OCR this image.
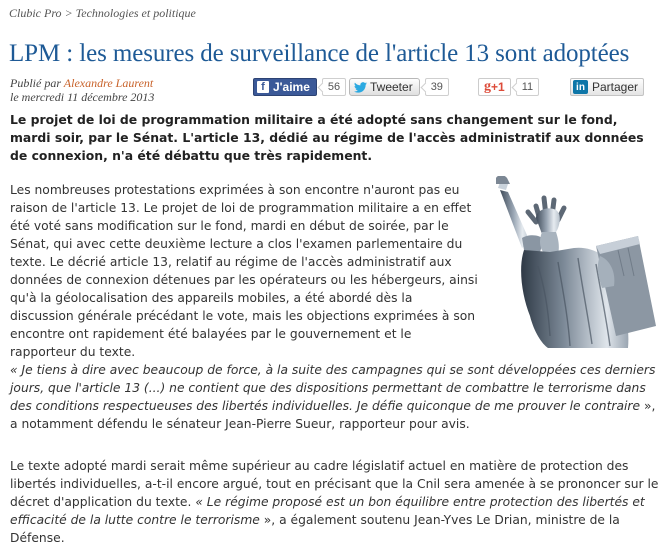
Clubic Pro > Technologies et politique
LPM : les mesures de surveillance de l'article 13 sont adoptées
Publié par Alexandre Laurent
le mercredi 11 décembre 2013
f J'aime	56	Tweeter	39	g +1	11	in Partager

Le projet de loi de programmation militaire a été adopté sans changement sur le fond, mardi soir, par le Sénat. L'article 13, dédié au régime de l'accès administratif aux données de connexion, n'a été débattu que très rapidement.

Les nombreuses protestations exprimées à son encontre n'auront pas eu raison de l'article 13. Le projet de loi de programmation militaire a en effet été voté sans modification sur le fond, mardi en début de soirée, par le Sénat, qui avec cette deuxième lecture a clos l'examen parlementaire du texte. Le décrié article 13, relatif au régime de l'accès administratif aux données de connexion détenues par les opérateurs ou les hébergeurs, ainsi qu'à la géolocalisation des appareils mobiles, a été abordé dès la discussion générale précédant le vote, mais les objections exprimées à son encontre ont rapidement été balayées par le gouvernement et le rapporteur du texte.

« Je tiens à dire avec beaucoup de force, à la suite des campagnes qui se sont développées ces derniers jours, que l'article 13 (...) ne contient que des dispositions permettant de combattre le terrorisme dans des conditions respectueuses des libertés individuelles. Je défie quiconque de me prouver le contraire », a notamment défendu le sénateur Jean-Pierre Sueur, rapporteur pour avis.

Le texte adopté mardi serait même supérieur au cadre législatif actuel en matière de protection des libertés individuelles, a-t-il encore argué, tout en précisant que la Cnil sera amenée à se prononcer sur le décret d'application du texte. « Le régime proposé est un bon équilibre entre protection des libertés et efficacité de la lutte contre le terrorisme », a également soutenu Jean-Yves Le Drian, ministre de la Défense.
